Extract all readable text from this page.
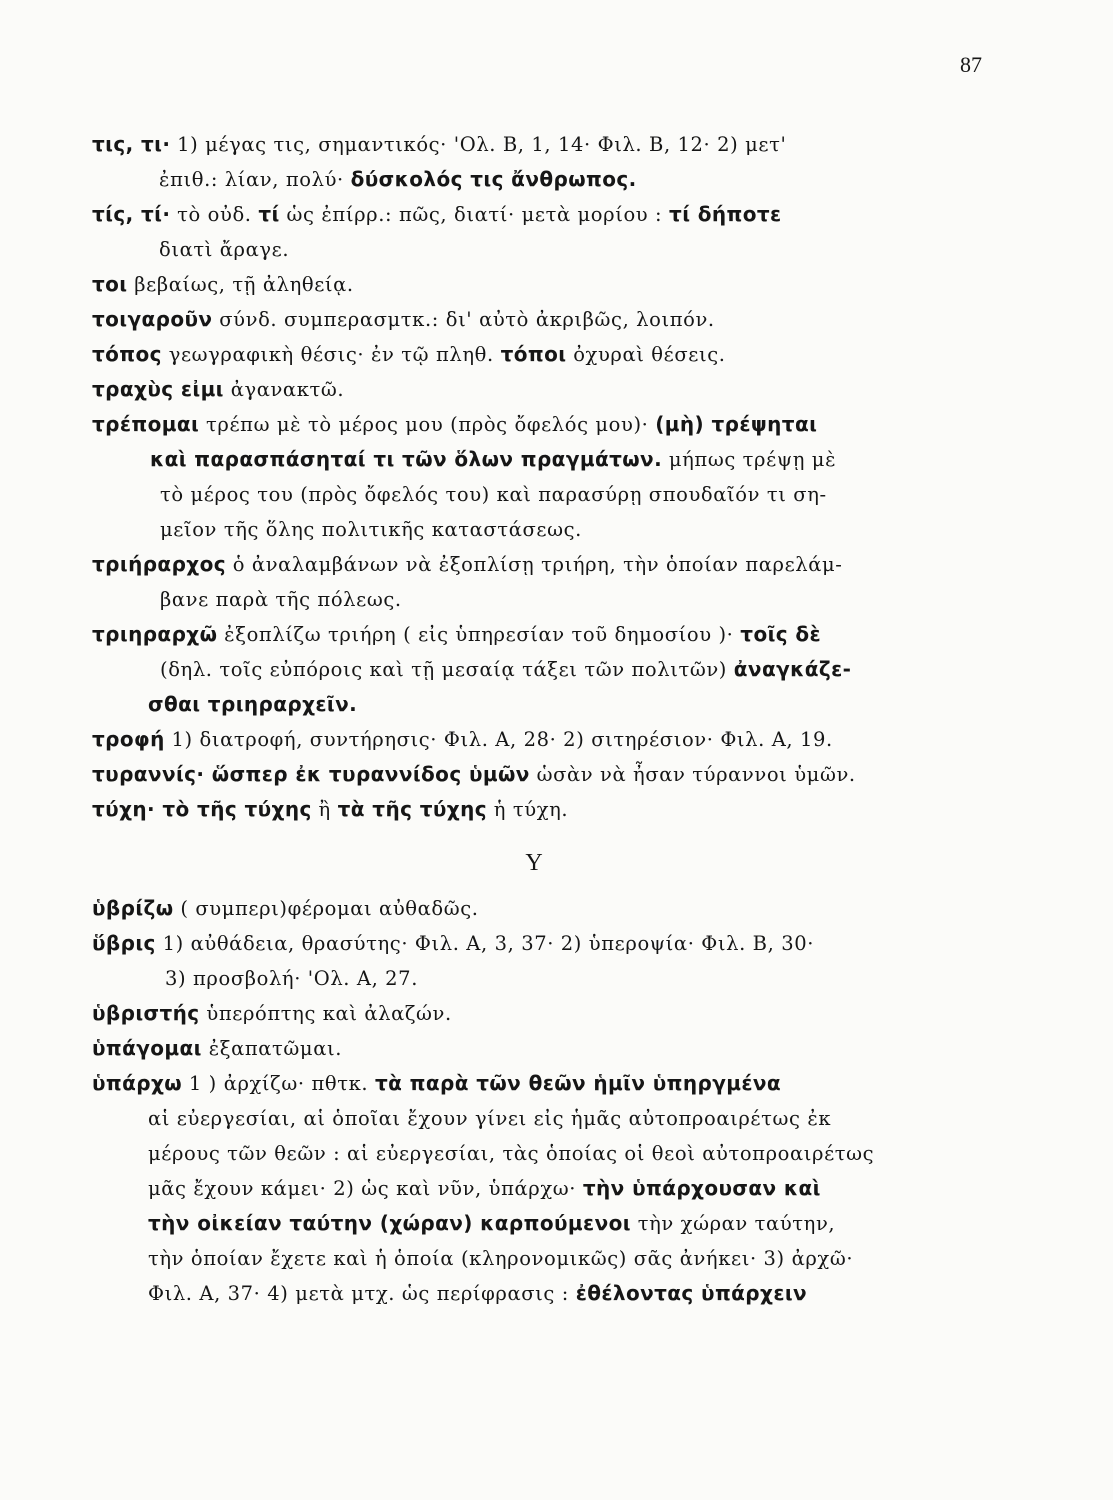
87
τις, τι· 1) μέγας τις, σημαντικός· 'Ολ. Β, 1, 14· Φιλ. Β, 12· 2) μετ'
ἐπιθ.: λίαν, πολύ· δύσκολός τις ἄνθρωπος.
τίς, τί· τὸ οὐδ. τί ὡς ἐπίρρ.: πῶς, διατί· μετὰ μορίου : τί δήποτε
διατὶ ἄραγε.
τοι βεβαίως, τῇ ἀληθείᾳ.
τοιγαροῦν σύνδ. συμπερασμτκ.: δι' αὐτὸ ἀκριβῶς, λοιπόν.
τόπος γεωγραφικὴ θέσις· ἐν τῷ πληθ. τόποι ὀχυραὶ θέσεις.
τραχὺς εἰμι ἀγανακτῶ.
τρέπομαι τρέπω μὲ τὸ μέρος μου (πρὸς ὄφελός μου)· (μὴ) τρέψηται
καὶ παρασπάσηταί τι τῶν ὅλων πραγμάτων. μήπως τρέψῃ μὲ
τὸ μέρος του (πρὸς ὄφελός του) καὶ παρασύρῃ σπουδαῖόν τι ση-
μεῖον τῆς ὅλης πολιτικῆς καταστάσεως.
τριήραρχος ὁ ἀναλαμβάνων νὰ ἐξοπλίσῃ τριήρη, τὴν ὁποίαν παρελάμ-
βανε παρὰ τῆς πόλεως.
τριηραρχῶ ἐξοπλίζω τριήρη ( εἰς ὑπηρεσίαν τοῦ δημοσίου )· τοῖς δὲ
(δηλ. τοῖς εὐπόροις καὶ τῇ μεσαίᾳ τάξει τῶν πολιτῶν) ἀναγκάζε-
σθαι τριηραρχεῖν.
τροφή 1) διατροφή, συντήρησις· Φιλ. Α, 28· 2) σιτηρέσιον· Φιλ. Α, 19.
τυραννίς· ὥσπερ ἐκ τυραννίδος ὑμῶν ὡσὰν νὰ ἦσαν τύραννοι ὑμῶν.
τύχη· τὸ τῆς τύχης ἢ τὰ τῆς τύχης ἡ τύχη.
Υ
ὑβρίζω ( συμπερι)φέρομαι αὐθαδῶς.
ὕβρις 1) αὐθάδεια, θρασύτης· Φιλ. Α, 3, 37· 2) ὑπεροψία· Φιλ. Β, 30·
3) προσβολή· 'Ολ. Α, 27.
ὑβριστής ὑπερόπτης καὶ ἀλαζών.
ὑπάγομαι ἐξαπατῶμαι.
ὑπάρχω 1 ) ἀρχίζω· πθτκ. τὰ παρὰ τῶν θεῶν ἡμῖν ὑπηργμένα
αἱ εὐεργεσίαι, αἱ ὁποῖαι ἔχουν γίνει εἰς ἡμᾶς αὐτοπροαιρέτως ἐκ
μέρους τῶν θεῶν : αἱ εὐεργεσίαι, τὰς ὁποίας οἱ θεοὶ αὐτοπροαιρέτως
μᾶς ἔχουν κάμει· 2) ὡς καὶ νῦν, ὑπάρχω· τὴν ὑπάρχουσαν καὶ
τὴν οἰκείαν ταύτην (χώραν) καρπούμενοι τὴν χώραν ταύτην,
τὴν ὁποίαν ἔχετε καὶ ἡ ὁποία (κληρονομικῶς) σᾶς ἀνήκει· 3) ἀρχῶ·
Φιλ. Α, 37· 4) μετὰ μτχ. ὡς περίφρασις : ἐθέλοντας ὑπάρχειν
